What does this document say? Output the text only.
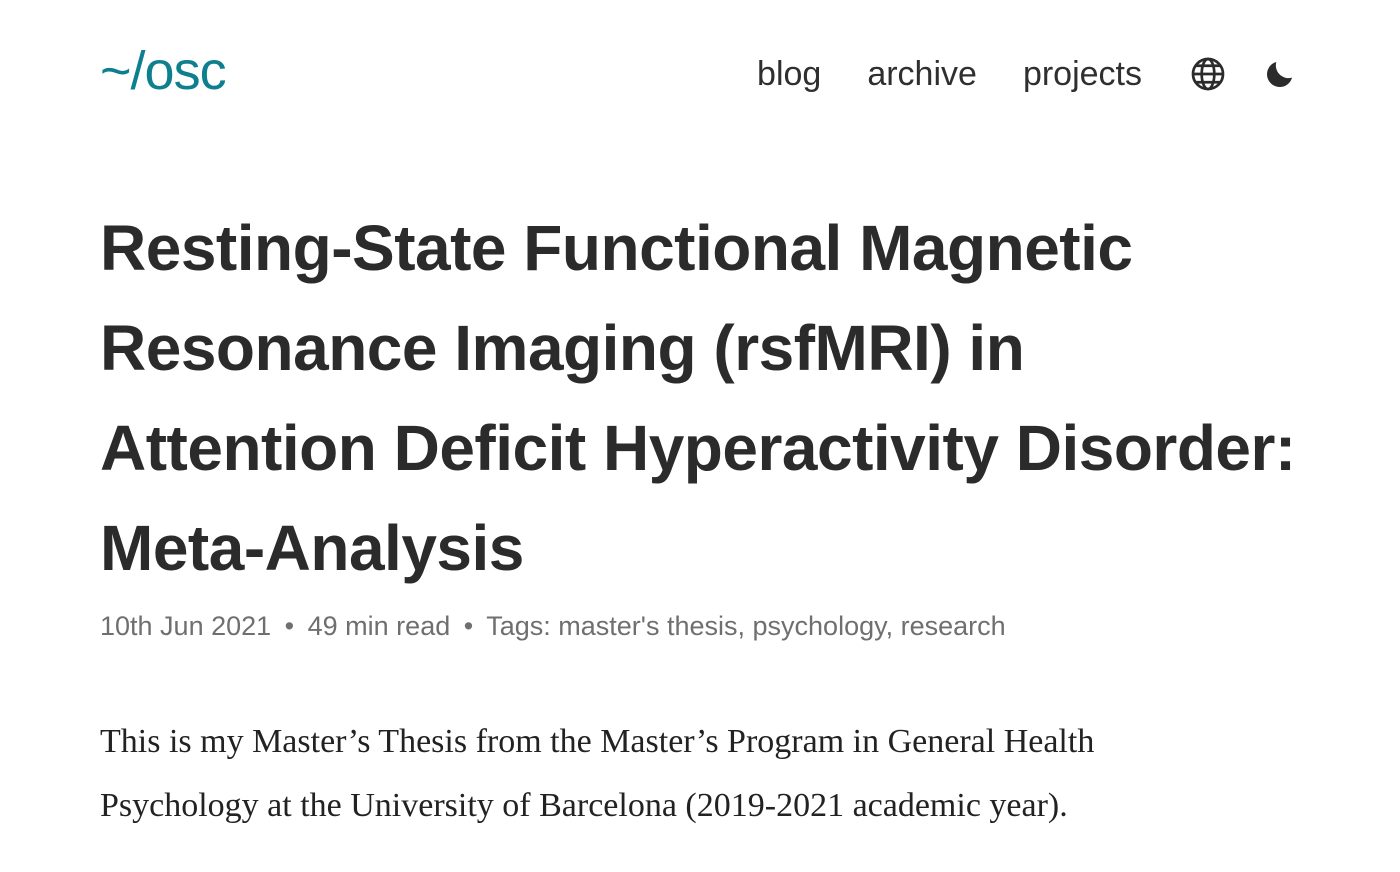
~/osc	blog archive projects
Resting-State Functional Magnetic Resonance Imaging (rsfMRI) in Attention Deficit Hyperactivity Disorder: Meta-Analysis
10th Jun 2021 • 49 min read • Tags: master's thesis, psychology, research

This is my Master’s Thesis from the Master’s Program in General Health Psychology at the University of Barcelona (2019-2021 academic year).
